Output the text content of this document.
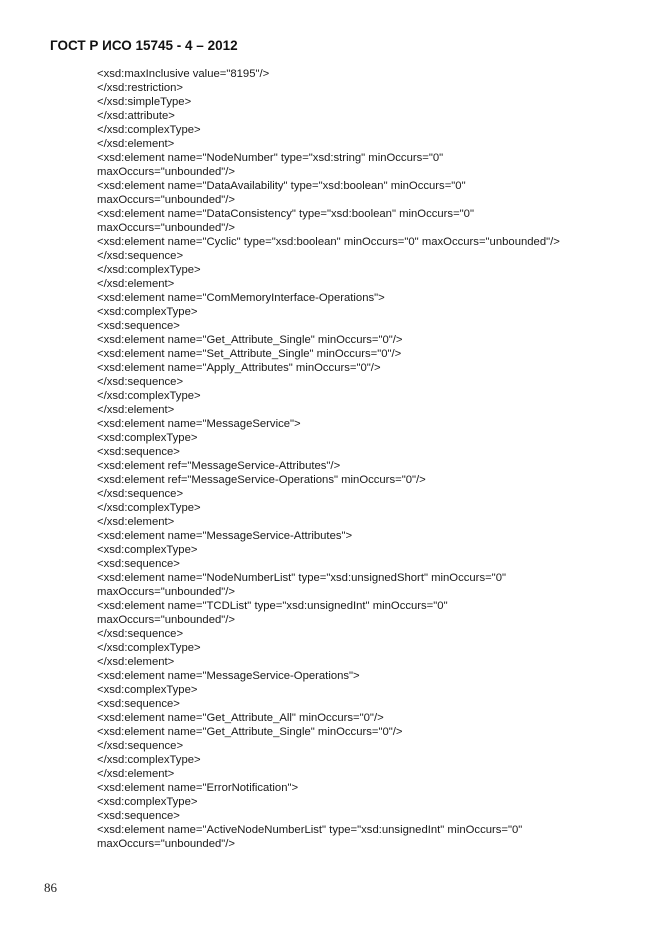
ГОСТ Р ИСО 15745 - 4 – 2012
<xsd:maxInclusive value="8195"/>
</xsd:restriction>
</xsd:simpleType>
</xsd:attribute>
</xsd:complexType>
</xsd:element>
<xsd:element name="NodeNumber" type="xsd:string" minOccurs="0"
maxOccurs="unbounded"/>
<xsd:element name="DataAvailability" type="xsd:boolean" minOccurs="0"
maxOccurs="unbounded"/>
<xsd:element name="DataConsistency" type="xsd:boolean" minOccurs="0"
maxOccurs="unbounded"/>
<xsd:element name="Cyclic" type="xsd:boolean" minOccurs="0" maxOccurs="unbounded"/>
</xsd:sequence>
</xsd:complexType>
</xsd:element>
<xsd:element name="ComMemoryInterface-Operations">
<xsd:complexType>
<xsd:sequence>
<xsd:element name="Get_Attribute_Single" minOccurs="0"/>
<xsd:element name="Set_Attribute_Single" minOccurs="0"/>
<xsd:element name="Apply_Attributes" minOccurs="0"/>
</xsd:sequence>
</xsd:complexType>
</xsd:element>
<xsd:element name="MessageService">
<xsd:complexType>
<xsd:sequence>
<xsd:element ref="MessageService-Attributes"/>
<xsd:element ref="MessageService-Operations" minOccurs="0"/>
</xsd:sequence>
</xsd:complexType>
</xsd:element>
<xsd:element name="MessageService-Attributes">
<xsd:complexType>
<xsd:sequence>
<xsd:element name="NodeNumberList" type="xsd:unsignedShort" minOccurs="0"
maxOccurs="unbounded"/>
<xsd:element name="TCDList" type="xsd:unsignedInt" minOccurs="0"
maxOccurs="unbounded"/>
</xsd:sequence>
</xsd:complexType>
</xsd:element>
<xsd:element name="MessageService-Operations">
<xsd:complexType>
<xsd:sequence>
<xsd:element name="Get_Attribute_All" minOccurs="0"/>
<xsd:element name="Get_Attribute_Single" minOccurs="0"/>
</xsd:sequence>
</xsd:complexType>
</xsd:element>
<xsd:element name="ErrorNotification">
<xsd:complexType>
<xsd:sequence>
<xsd:element name="ActiveNodeNumberList" type="xsd:unsignedInt" minOccurs="0"
maxOccurs="unbounded"/>
86
